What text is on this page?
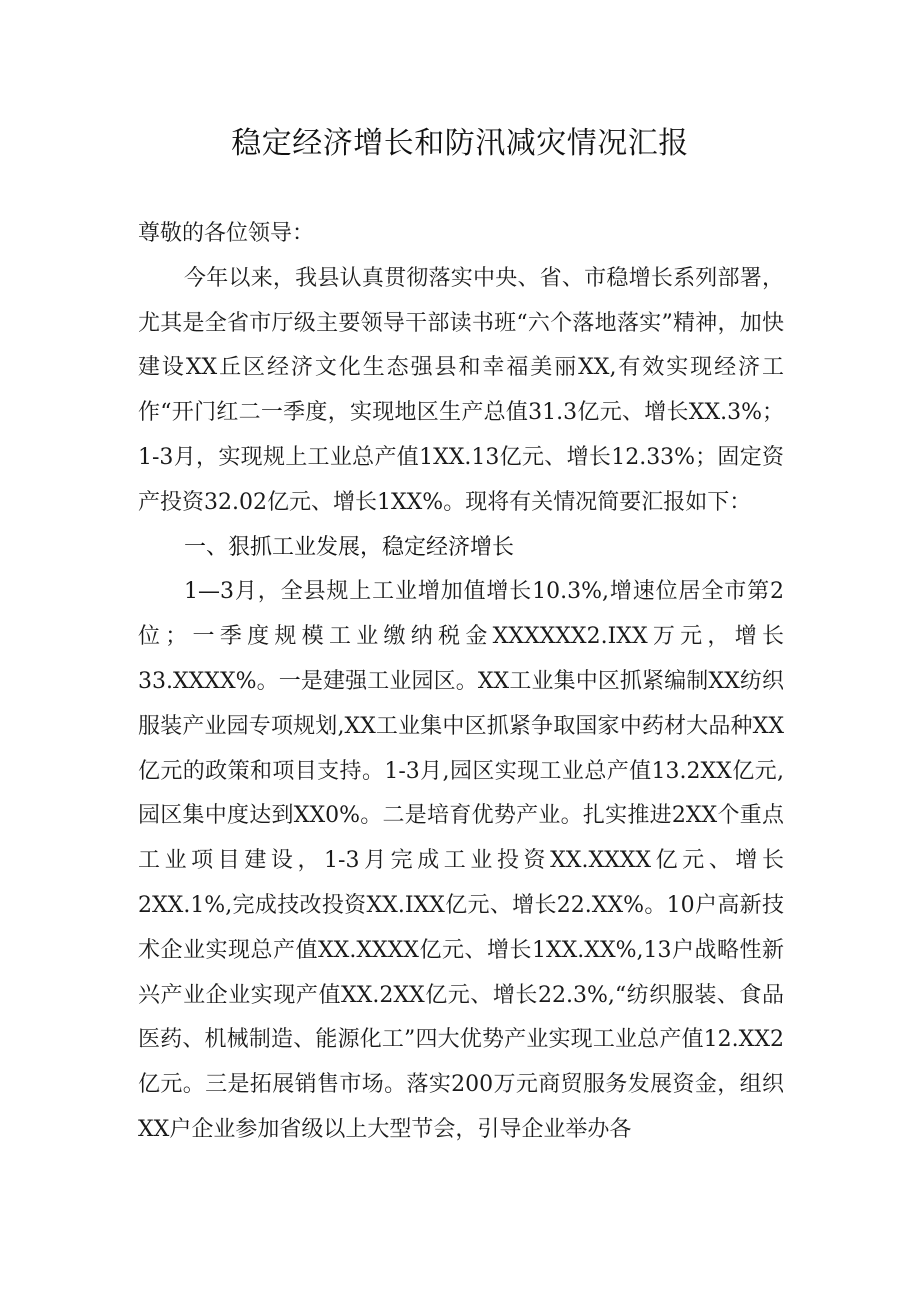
稳定经济增长和防汛减灾情况汇报

尊敬的各位领导：

今年以来，我县认真贯彻落实中央、省、市稳增长系列部署，尤其是全省市厅级主要领导干部读书班“六个落地落实”精神，加快建设XX丘区经济文化生态强县和幸福美丽XX,有效实现经济工作“开门红二一季度，实现地区生产总值31.3亿元、增长XX.3%；1-3月，实现规上工业总产值1XX.13亿元、增长12.33%；固定资产投资32.02亿元、增长1XX%。现将有关情况简要汇报如下：

一、狠抓工业发展，稳定经济增长

1—3月，全县规上工业增加值增长10.3%,增速位居全市第2位；一季度规模工业缴纳税金XXXXXX2.IXX万元，增长33.XXXX%。一是建强工业园区。XX工业集中区抓紧编制XX纺织服装产业园专项规划,XX工业集中区抓紧争取国家中药材大品种XX亿元的政策和项目支持。1-3月,园区实现工业总产值13.2XX亿元,园区集中度达到XX0%。二是培育优势产业。扎实推进2XX个重点工业项目建设，1-3月完成工业投资XX.XXXX亿元、增长2XX.1%,完成技改投资XX.IXX亿元、增长22.XX%。10户高新技术企业实现总产值XX.XXXX亿元、增长1XX.XX%,13户战略性新兴产业企业实现产值XX.2XX亿元、增长22.3%,“纺织服装、食品医药、机械制造、能源化工”四大优势产业实现工业总产值12.XX2亿元。三是拓展销售市场。落实200万元商贸服务发展资金，组织XX户企业参加省级以上大型节会，引导企业举办各
